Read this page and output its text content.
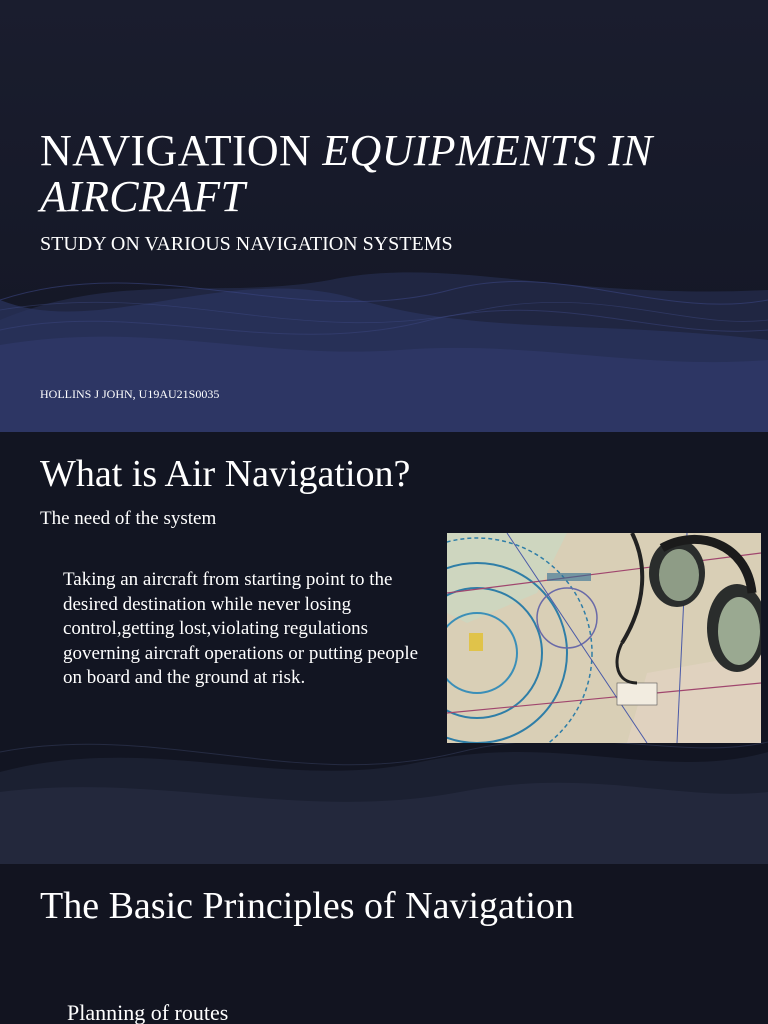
NAVIGATION EQUIPMENTS IN
AIRCRAFT
STUDY ON VARIOUS NAVIGATION SYSTEMS
HOLLINS J JOHN, U19AU21S0035
What is Air Navigation?
The need of the system
Taking an aircraft from starting point to the desired destination while never losing control,getting lost,violating regulations governing aircraft operations or putting people on board and the ground at risk.
The Basic Principles of Navigation
Planning of routes
